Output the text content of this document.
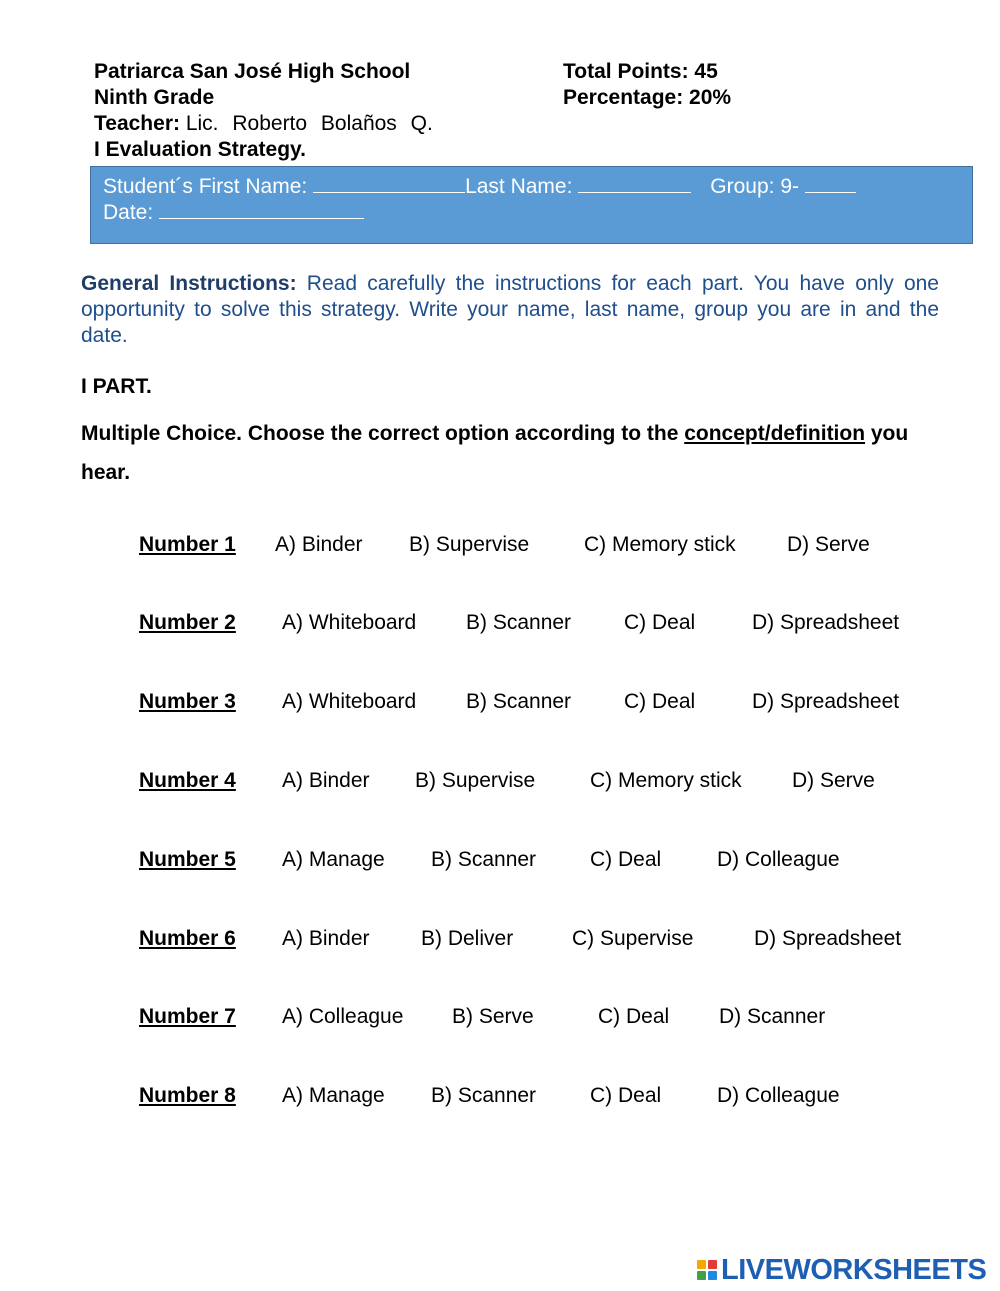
Patriarca San José High School
Ninth Grade
Teacher: Lic. Roberto Bolaños Q.
I Evaluation Strategy.
Total Points: 45
Percentage: 20%
Student´s First Name:	Last Name:	Group: 9-
Date:
General Instructions: Read carefully the instructions for each part. You have only one opportunity to solve this strategy. Write your name, last name, group you are in and the date.
I PART.
Multiple Choice. Choose the correct option according to the concept/definition you hear.
Number 1 A) Binder B) Supervise	C) Memory stick D) Serve
Number 2 A) Whiteboard B) Scanner	C) Deal	D) Spreadsheet
Number 3 A) Whiteboard B) Scanner	C) Deal	D) Spreadsheet
Number 4 A) Binder B) Supervise	C) Memory stick D) Serve
Number 5 A) Manage B) Scanner	C) Deal	D) Colleague
Number 6 A) Binder B) Deliver	C) Supervise	D) Spreadsheet
Number 7 A) Colleague B) Serve	C) Deal D) Scanner
Number 8 A) Manage B) Scanner	C) Deal	D) Colleague
LIVEWORKSHEETS
